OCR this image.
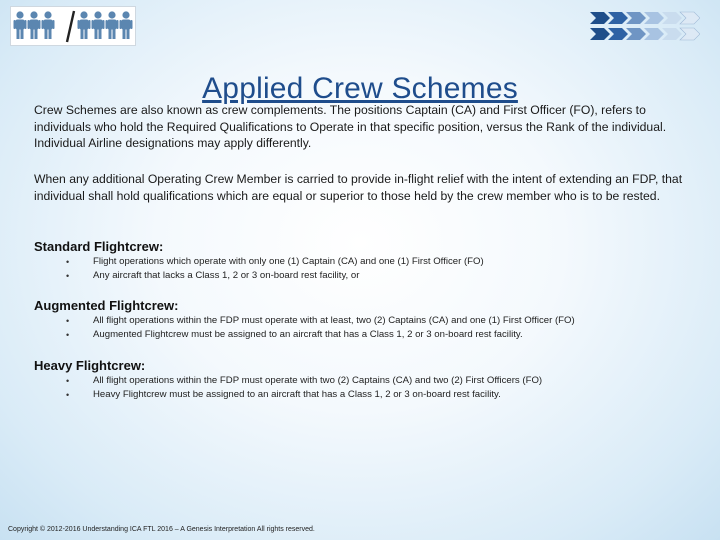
Applied Crew Schemes

Crew Schemes are also known as crew complements. The positions Captain (CA) and First Officer (FO), refers to individuals who hold the Required Qualifications to Operate in that specific position, versus the Rank of the individual. Individual Airline designations may apply differently.

When any additional Operating Crew Member is carried to provide in-flight relief with the intent of extending an FDP, that individual shall hold qualifications which are equal or superior to those held by the crew member who is to be rested.

Standard Flightcrew:
• Flight operations which operate with only one (1) Captain (CA) and one (1) First Officer (FO)
• Any aircraft that lacks a Class 1, 2 or 3 on-board rest facility, or
Augmented Flightcrew:
• All flight operations within the FDP must operate with at least, two (2) Captains (CA) and one (1) First Officer (FO)
• Augmented Flightcrew must be assigned to an aircraft that has a Class 1, 2 or 3 on-board rest facility.
Heavy Flightcrew:
• All flight operations within the FDP must operate with two (2) Captains (CA) and two (2) First Officers (FO)
• Heavy Flightcrew must be assigned to an aircraft that has a Class 1, 2 or 3 on-board rest facility.
Copyright © 2012-2016 Understanding ICA FTL 2016 – A Genesis Interpretation All rights reserved.
